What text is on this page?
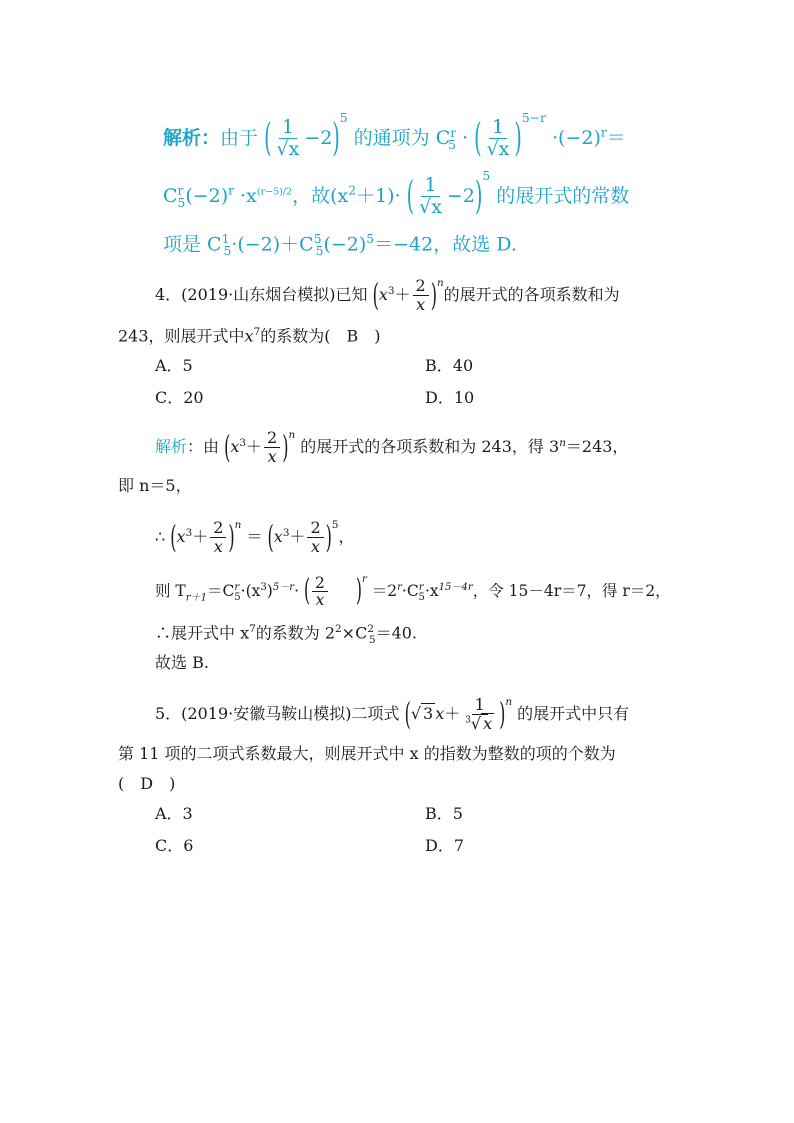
解析：由于 ( $\frac{1}{√x} -2)^5$ 的通项为 $C^r_5$ · ( $\frac{1}{√x} )^{5-r} \cdot(-2)^r=$
$C^r_5(-2)^r \cdot x^{(r-5)/2}$，故$(x^2+1)\cdot$ ( $\frac{1}{√x} -2)^5$ 的展开式的常数
项是 $C^1_5\cdot(-2)+C^5_5(-2)^5=-42$，故选 D.
4．(2019·山东烟台模拟)已知 $(x^3+ \frac{2}{x} )^n$的展开式的各项系数和为
243，则展开式中$x^7$的系数为(　B　)
A．5	B．40
C．20	D．10
解析：由 $(x^3+ \frac{2}{x} )^n$ 的展开式的各项系数和为 243，得 $3^n=243$，
即 n＝5，
∴ $(x^3+ \frac{2}{x} )^n = (x^3+ \frac{2}{x} )^5$，
则 $T_{r+1}=C^r_5\cdot(x^3)^{5-r}\cdot$ ( $\frac{2}{x} )^r =2^r\cdot C^r_5\cdot x^{15-4r}$，令 15－4r＝7，得 r＝2，
∴展开式中 $x^7$的系数为 $2^2\times C^2_5=40$.
故选 B.
5．(2019·安徽马鞍山模拟)二项式 (√ 3 $x+ \frac{1}{^3√ x} )^n$ 的展开式中只有
第 11 项的二项式系数最大，则展开式中 x 的指数为整数的项的个数为
(　D　)
A．3	B．5
C．6	D．7
